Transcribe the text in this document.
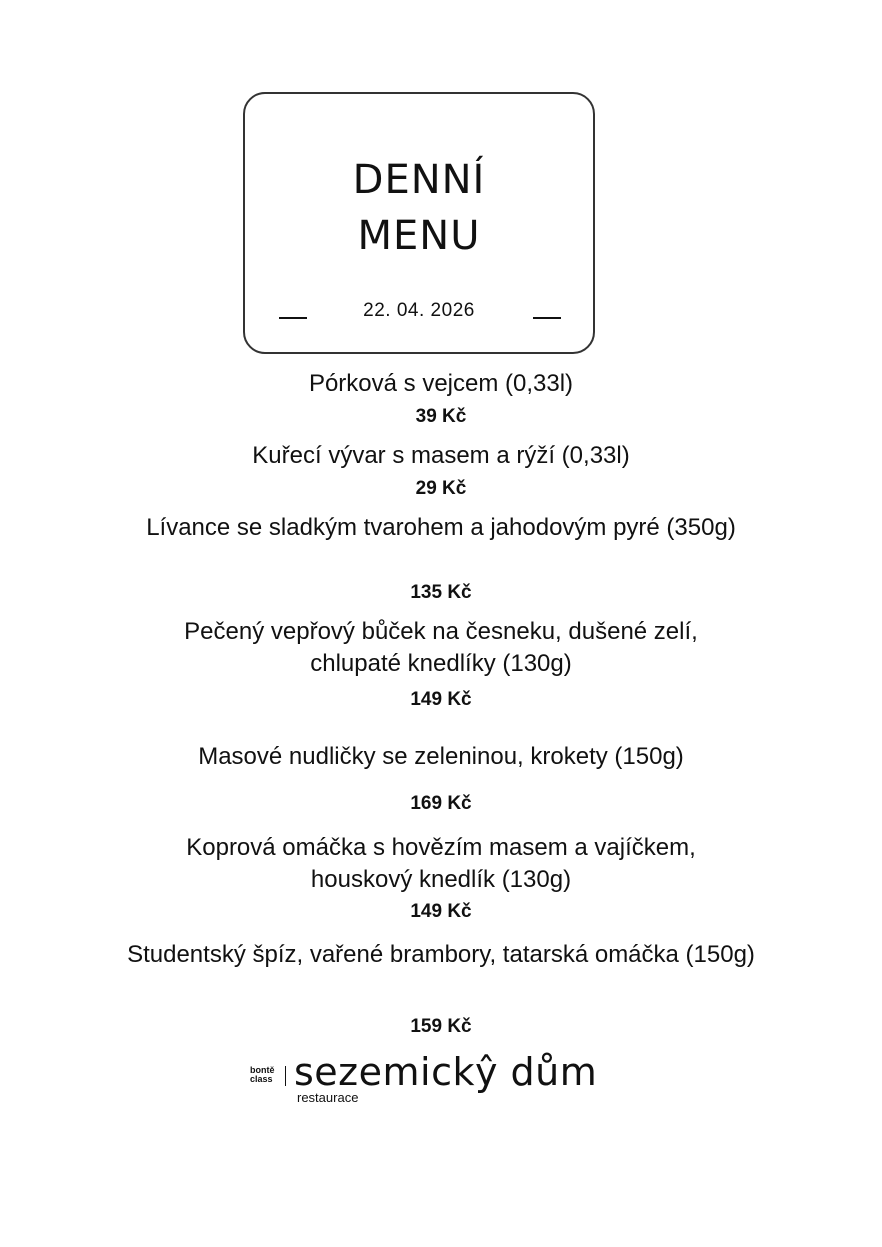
DENNÍ
MENU
22. 04. 2026
Pórková s vejcem (0,33l)
39 Kč
Kuřecí vývar s masem a rýží (0,33l)
29 Kč
Lívance se sladkým tvarohem a jahodovým pyré (350g)
135 Kč
Pečený vepřový bůček na česneku, dušené zelí, chlupaté knedlíky (130g)
149 Kč
Masové nudličky se zeleninou, krokety (150g)
169 Kč
Koprová omáčka s hovězím masem a vajíčkem, houskový knedlík (130g)
149 Kč
Studentský špíz, vařené brambory, tatarská omáčka (150g)
159 Kč
bontě
class sezemickŷ dům
restaurace
